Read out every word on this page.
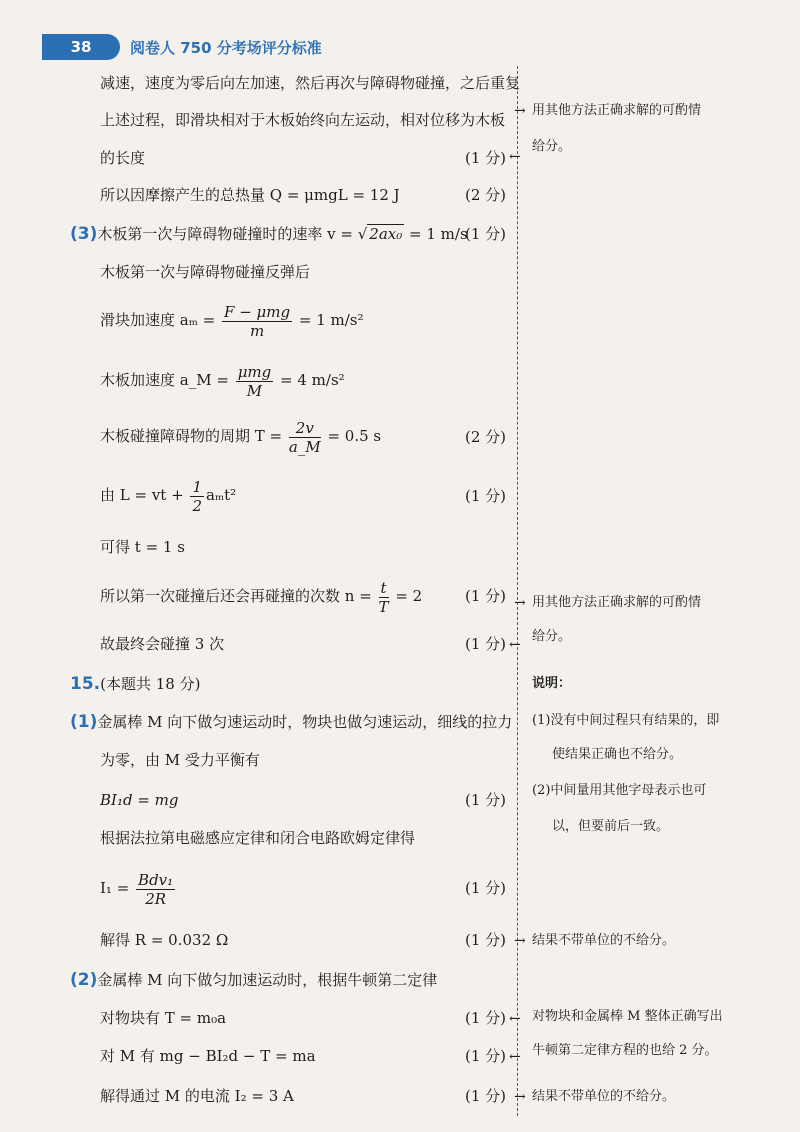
38	阅卷人 750 分考场评分标准
减速，速度为零后向左加速，然后再次与障碍物碰撞，之后重复
上述过程，即滑块相对于木板始终向左运动，相对位移为木板
的长度	(1 分)
所以因摩擦产生的总热量 Q = μmgL = 12 J	(2 分)
(3)木板第一次与障碍物碰撞时的速率 v = √ 2ax₀ = 1 m/s
(1 分)
木板第一次与障碍物碰撞反弹后
滑块加速度 $a_m = \frac{\text{F − μmg}}{m} = 1$ m/s²
木板加速度 a_M = $\frac{\text{μmg}}{M} = 4$ m/s²
木板碰撞障碍物的周期 $T = \frac{2v}{a\_M} = 0.5$ s	(2 分)
由 L = vt + $\frac{1}{2} a_mt^2$	(1 分)
可得 t = 1 s
所以第一次碰撞后还会再碰撞的次数 $n = \frac{t}{T} = 2$	(1 分)
故最终会碰撞 3 次	(1 分)
15.(本题共 18 分)
(1)金属棒 M 向下做匀速运动时，物块也做匀速运动，细线的拉力
为零，由 M 受力平衡有
BI₁d = mg	(1 分)
根据法拉第电磁感应定律和闭合电路欧姆定律得
$I_1 = \frac{\text{Bdv₁}}{2R}$	(1 分)
解得 R = 0.032 Ω	(1 分)
(2)金属棒 M 向下做匀加速运动时，根据牛顿第二定律
对物块有 T = m₀a	(1 分)
对 M 有 mg − BI₂d − T = ma	(1 分)
解得通过 M 的电流 I₂ = 3 A	(1 分)
→ 用其他方法正确求解的可酌情
给分。
←
→ 用其他方法正确求解的可酌情
给分。
←
说明：
(1)没有中间过程只有结果的，即
使结果正确也不给分。
(2)中间量用其他字母表示也可
以，但要前后一致。
→ 结果不带单位的不给分。
对物块和金属棒 M 整体正确写出
牛顿第二定律方程的也给 2 分。
←
←
→ 结果不带单位的不给分。
